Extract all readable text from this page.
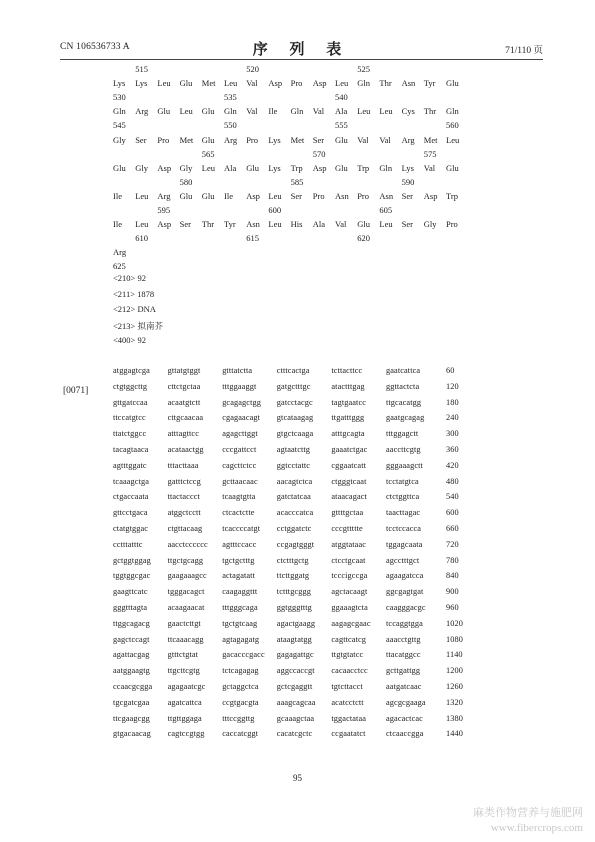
CN 106536733 A	序 列 表	71/110 页
515	520	525
Lys Lys Leu Glu Met Leu Val Asp Pro Asp Leu Gln Thr Asn Tyr Glu
530	535	540
Gln Arg Glu Leu Glu Gln Val Ile Gln Val Ala Leu Leu Cys Thr Gln
545	550	555	560
Gly Ser Pro Met Glu Arg Pro Lys Met Ser Glu Val Val Arg Met Leu
565	570	575
Glu Gly Asp Gly Leu Ala Glu Lys Trp Asp Glu Trp Gln Lys Val Glu
580	585	590
Ile Leu Arg Glu Glu Ile Asp Leu Ser Pro Asn Pro Asn Ser Asp Trp
595	600	605
Ile Leu Asp Ser Thr Tyr Asn Leu His Ala Val Glu Leu Ser Gly Pro
610	615	620
Arg
625
<210> 92
<211> 1878
<212> DNA
<213> 拟南芥
<400> 92
[0071]
atggagtcga gttatgtggt	gtttatctta	ctttcactga	tcttacttcc	gaatcattca	60
ctgtggcttg cttctgctaa	tttggaaggt gatgctttgc	atactttgag	ggttactcta	120
gttgatccaa acaatgtctt	gcagagctgg gatcctacgc tagtgaatcc ttgcacatgg	180
ttccatgtcc	cttgcaacaa cgagaacagt gtcataagag ttgatttggg	gaatgcagag	240
ttatctggcc	atttagttcc	agagcttggt gtgctcaaga atttgcagta	tttggagctt	300
tacagtaaca acataactgg cccgattcct agtaatcttg	gaaatctgac aaccttcgtg	360
agtttggatc	tttacttaaa	cagcttctcc ggtcctattc	cggaatcatt gggaaagctt	420
tcaaagctga gatttctccg	gcttaacaac aacagtctca ctgggtcaat tcctatgtca	480
ctgaccaata ttactaccct	tcaagtgtta	gatctatcaa ataacagact ctctggttca	540
gttcctgaca atggctcctt	ctcactctte	acacccatca gttttgctaa	taacttagac	600
ctatgtggac ctgttacaag tcaccccatgt cctggatctc cccgttttte	tcctccacca	660
cctttatttc	aacctcccccc agtttccacc ccgagtgggt atggtataac tggagcaata	720
gctggtggag ttgctgcagg tgctgctttg	ctctttgctg	ctcctgcaat agcctttgct	780
tggtggcgac gaagaaagcc actagatatt	ttcttggatg	tcccigccga agaagatcca	840
gaagttcatc tgggacagct caagaggttt tctttgcggg agctacaagt ggcgagtgat	900
gggtttagta acaagaacat tttgggcaga ggtgggtttg ggaaagtcta caagggacgc 960
ttggcagacg gaactcttgt	tgctgtcaag agactgaagg aagagcgaac tccaggtgga	1020
gagctccagt ttcaaacagg agtagagatg ataagtatgg cagttcatcg aaacctgttg	1080
agattacgag gtttctgtat	gacacccgacc gagagattgc ttgtgtatcc	ttacatggcc	1140
aatggaagtg ttgcttcgtg	tctcagagag aggccaccgt cacaacctcc gcttgattgg	1200
ccaacgcgga agagaatcgc gctaggctca gctcgaggtt tgtcttacct	aatgatcaac	1260
tgcgatcgaa agatcattca ccgtgacgta aaagcagcaa acatcctctt	agcgcgaaga 1320
ttcgaagcgg ttgttggaga tttccggttg	gcaaagctaa tggactataa agacactcac	1380
gtgacaacag cagtccgtgg caccatcggt cacatcgctc ccgaatatct ctcaaccgga	1440
95
麻类作物营养与施肥网
www.fibercrops.com
